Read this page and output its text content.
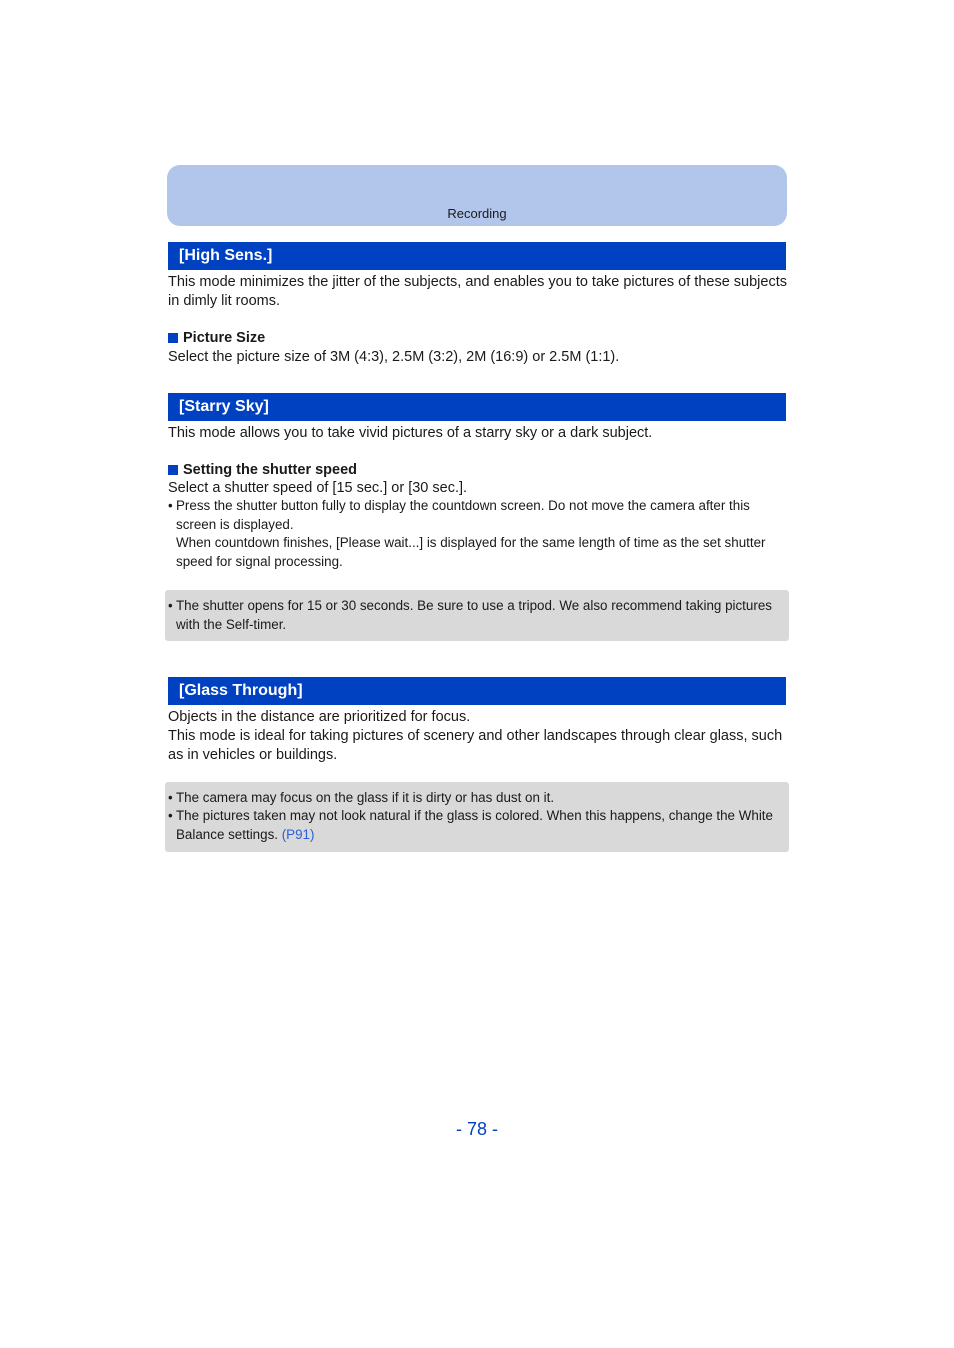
Recording
[High Sens.]

This mode minimizes the jitter of the subjects, and enables you to take pictures of these subjects in dimly lit rooms.

Picture Size

Select the picture size of 3M (4:3), 2.5M (3:2), 2M (16:9) or 2.5M (1:1).

[Starry Sky]

This mode allows you to take vivid pictures of a starry sky or a dark subject.

Setting the shutter speed

Select a shutter speed of [15 sec.] or [30 sec.].

• Press the shutter button fully to display the countdown screen. Do not move the camera after this screen is displayed.

When countdown finishes, [Please wait...] is displayed for the same length of time as the set shutter speed for signal processing.

• The shutter opens for 15 or 30 seconds. Be sure to use a tripod. We also recommend taking pictures with the Self-timer.

[Glass Through]

Objects in the distance are prioritized for focus.

This mode is ideal for taking pictures of scenery and other landscapes through clear glass, such as in vehicles or buildings.

• The camera may focus on the glass if it is dirty or has dust on it.

• The pictures taken may not look natural if the glass is colored. When this happens, change the White Balance settings. (P91)

- 78 -
